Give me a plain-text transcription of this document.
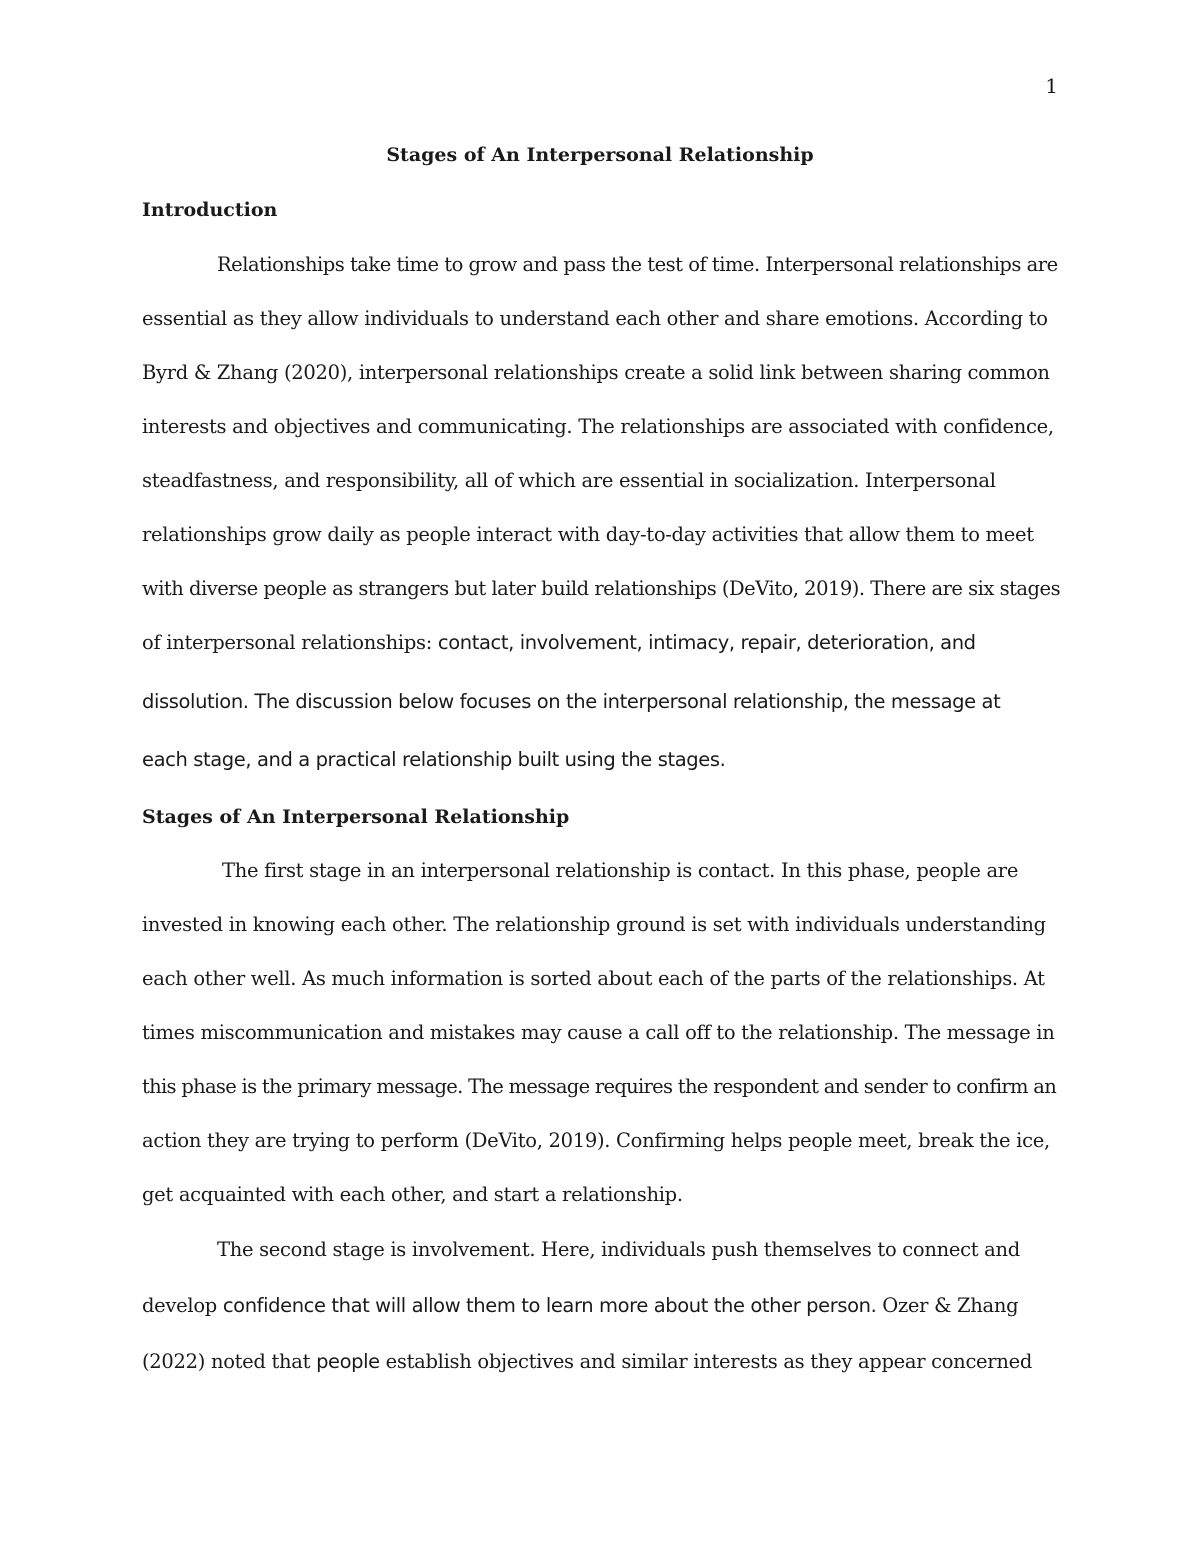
1
Stages of An Interpersonal Relationship
Introduction
Relationships take time to grow and pass the test of time. Interpersonal relationships are
essential as they allow individuals to understand each other and share emotions. According to
Byrd & Zhang (2020), interpersonal relationships create a solid link between sharing common
interests and objectives and communicating. The relationships are associated with confidence,
steadfastness, and responsibility, all of which are essential in socialization. Interpersonal
relationships grow daily as people interact with day-to-day activities that allow them to meet
with diverse people as strangers but later build relationships (DeVito, 2019). There are six stages
of interpersonal relationships: contact, involvement, intimacy, repair, deterioration, and
dissolution. The discussion below focuses on the interpersonal relationship, the message at
each stage, and a practical relationship built using the stages.
Stages of An Interpersonal Relationship
The first stage in an interpersonal relationship is contact. In this phase, people are
invested in knowing each other. The relationship ground is set with individuals understanding
each other well. As much information is sorted about each of the parts of the relationships. At
times miscommunication and mistakes may cause a call off to the relationship. The message in
this phase is the primary message. The message requires the respondent and sender to confirm an
action they are trying to perform (DeVito, 2019). Confirming helps people meet, break the ice,
get acquainted with each other, and start a relationship.
The second stage is involvement. Here, individuals push themselves to connect and
develop confidence that will allow them to learn more about the other person. Ozer & Zhang
(2022) noted that people establish objectives and similar interests as they appear concerned
